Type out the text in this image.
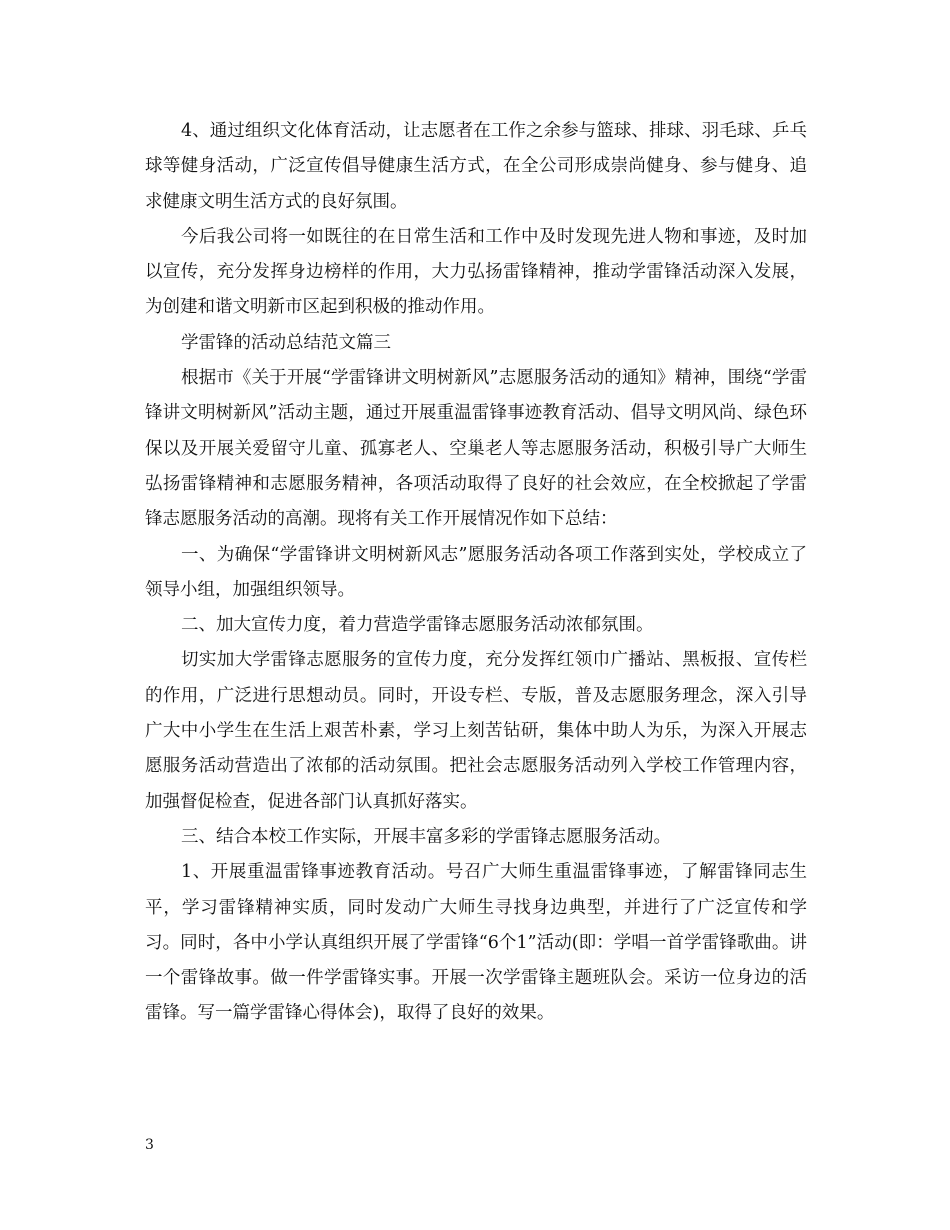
4、通过组织文化体育活动，让志愿者在工作之余参与篮球、排球、羽毛球、乒乓球等健身活动，广泛宣传倡导健康生活方式，在全公司形成崇尚健身、参与健身、追求健康文明生活方式的良好氛围。

今后我公司将一如既往的在日常生活和工作中及时发现先进人物和事迹，及时加以宣传，充分发挥身边榜样的作用，大力弘扬雷锋精神，推动学雷锋活动深入发展，为创建和谐文明新市区起到积极的推动作用。

学雷锋的活动总结范文篇三

根据市《关于开展“学雷锋讲文明树新风”志愿服务活动的通知》精神，围绕“学雷锋讲文明树新风”活动主题，通过开展重温雷锋事迹教育活动、倡导文明风尚、绿色环保以及开展关爱留守儿童、孤寡老人、空巢老人等志愿服务活动，积极引导广大师生弘扬雷锋精神和志愿服务精神，各项活动取得了良好的社会效应，在全校掀起了学雷锋志愿服务活动的高潮。现将有关工作开展情况作如下总结：

一、为确保“学雷锋讲文明树新风志”愿服务活动各项工作落到实处，学校成立了领导小组，加强组织领导。

二、加大宣传力度，着力营造学雷锋志愿服务活动浓郁氛围。

切实加大学雷锋志愿服务的宣传力度，充分发挥红领巾广播站、黑板报、宣传栏的作用，广泛进行思想动员。同时，开设专栏、专版，普及志愿服务理念，深入引导广大中小学生在生活上艰苦朴素，学习上刻苦钻研，集体中助人为乐，为深入开展志愿服务活动营造出了浓郁的活动氛围。把社会志愿服务活动列入学校工作管理内容，加强督促检查，促进各部门认真抓好落实。

三、结合本校工作实际，开展丰富多彩的学雷锋志愿服务活动。

1、开展重温雷锋事迹教育活动。号召广大师生重温雷锋事迹，了解雷锋同志生平，学习雷锋精神实质，同时发动广大师生寻找身边典型，并进行了广泛宣传和学习。同时，各中小学认真组织开展了学雷锋“6个1”活动(即：学唱一首学雷锋歌曲。讲一个雷锋故事。做一件学雷锋实事。开展一次学雷锋主题班队会。采访一位身边的活雷锋。写一篇学雷锋心得体会)，取得了良好的效果。

3
